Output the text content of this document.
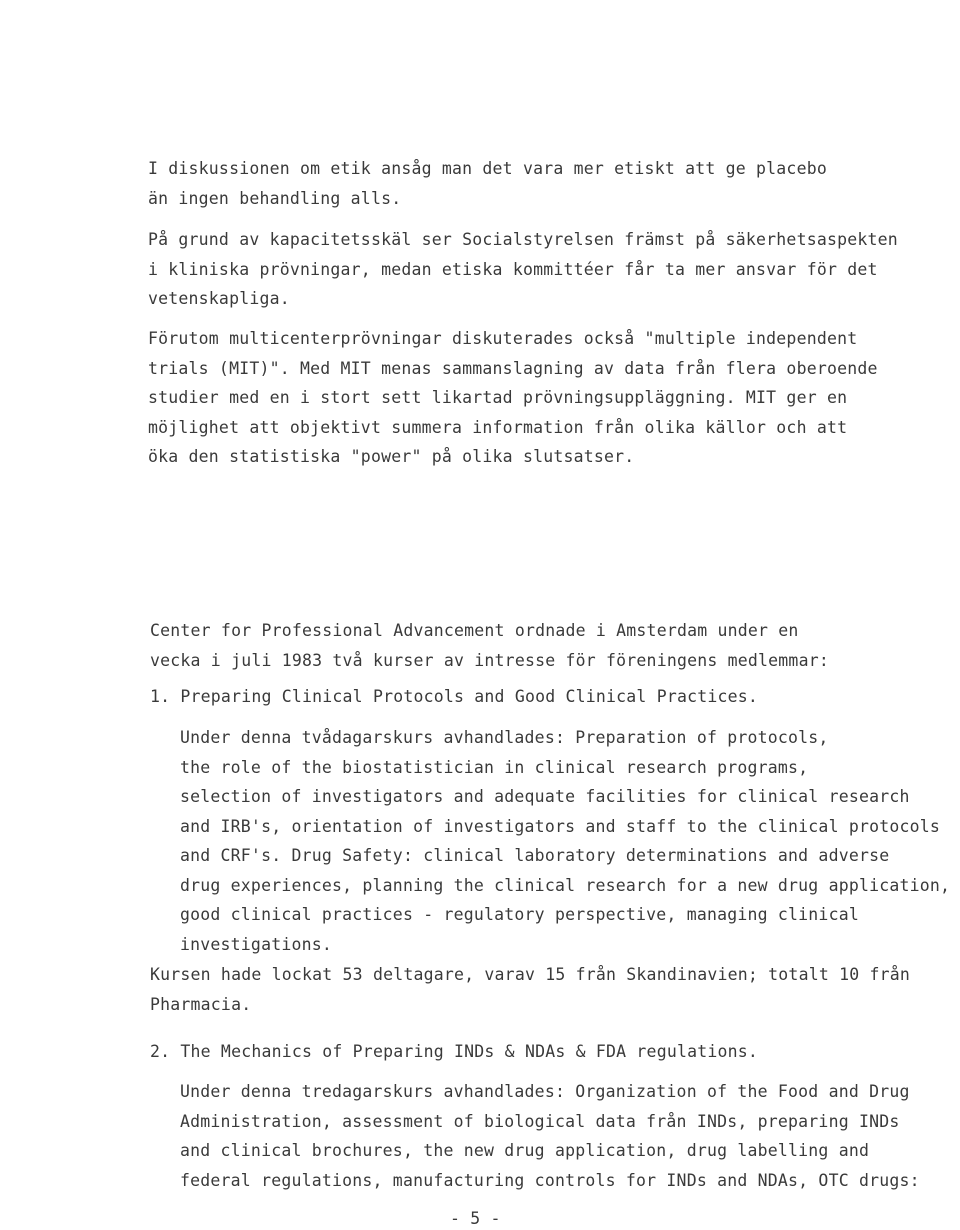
I diskussionen om etik ansåg man det vara mer etiskt att ge placebo
än ingen behandling alls.
På grund av kapacitetsskäl ser Socialstyrelsen främst på säkerhetsaspekten
i kliniska prövningar, medan etiska kommittéer får ta mer ansvar för det
vetenskapliga.
Förutom multicenterprövningar diskuterades också "multiple independent
trials (MIT)". Med MIT menas sammanslagning av data från flera oberoende
studier med en i stort sett likartad prövningsuppläggning. MIT ger en
möjlighet att objektivt summera information från olika källor och att
öka den statistiska "power" på olika slutsatser.
Center for Professional Advancement ordnade i Amsterdam under en
vecka i juli 1983 två kurser av intresse för föreningens medlemmar:
1. Preparing Clinical Protocols and Good Clinical Practices.
Under denna tvådagarskurs avhandlades: Preparation of protocols,
the role of the biostatistician in clinical research programs,
selection of investigators and adequate facilities for clinical research
and IRB's, orientation of investigators and staff to the clinical protocols
and CRF's. Drug Safety: clinical laboratory determinations and adverse
drug experiences, planning the clinical research for a new drug application,
good clinical practices - regulatory perspective, managing clinical
investigations.
Kursen hade lockat 53 deltagare, varav 15 från Skandinavien; totalt 10 från
Pharmacia.
2. The Mechanics of Preparing INDs & NDAs & FDA regulations.
Under denna tredagarskurs avhandlades: Organization of the Food and Drug
Administration, assessment of biological data från INDs, preparing INDs
and clinical brochures, the new drug application, drug labelling and
federal regulations, manufacturing controls for INDs and NDAs, OTC drugs:
- 5 -
